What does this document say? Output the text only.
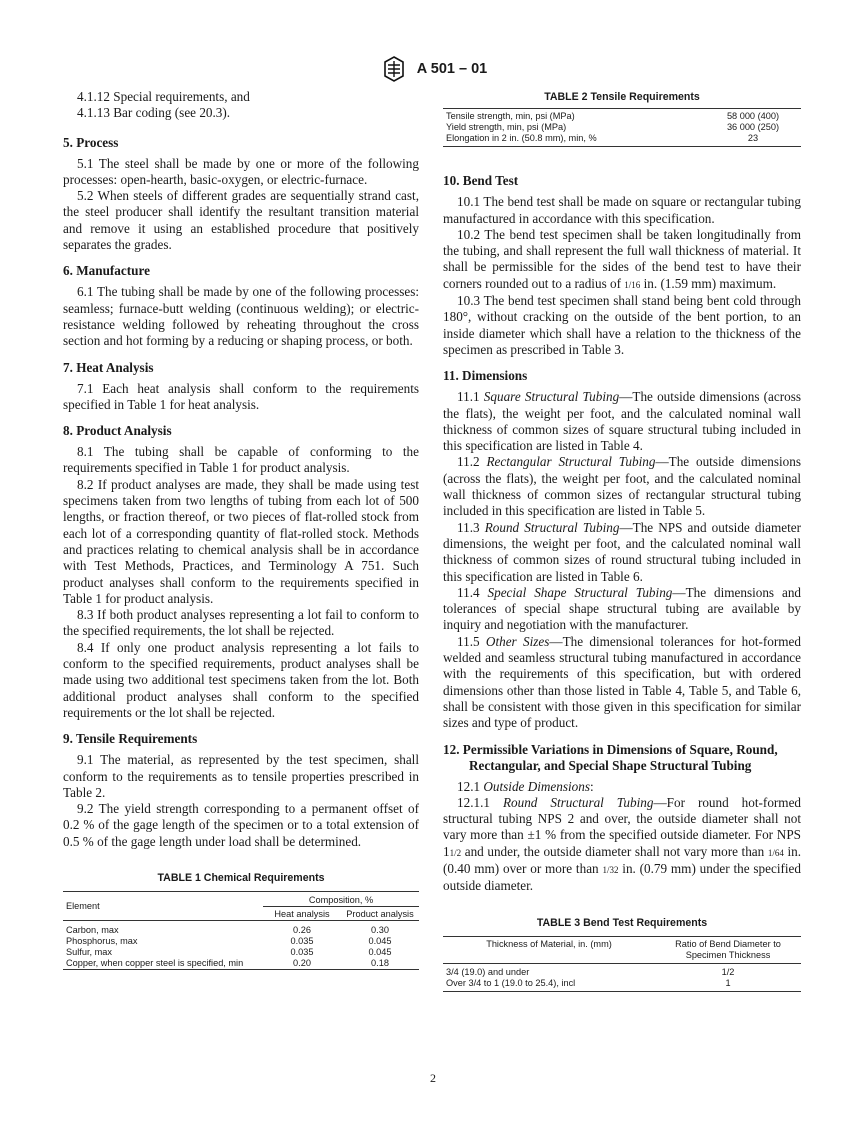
A 501 – 01

4.1.12 Special requirements, and

4.1.13 Bar coding (see 20.3).

5. Process

5.1 The steel shall be made by one or more of the following processes: open-hearth, basic-oxygen, or electric-furnace.

5.2 When steels of different grades are sequentially strand cast, the steel producer shall identify the resultant transition material and remove it using an established procedure that positively separates the grades.

6. Manufacture

6.1 The tubing shall be made by one of the following processes: seamless; furnace-butt welding (continuous welding); or electric-resistance welding followed by reheating throughout the cross section and hot forming by a reducing or shaping process, or both.

7. Heat Analysis

7.1 Each heat analysis shall conform to the requirements specified in Table 1 for heat analysis.

8. Product Analysis

8.1 The tubing shall be capable of conforming to the requirements specified in Table 1 for product analysis.

8.2 If product analyses are made, they shall be made using test specimens taken from two lengths of tubing from each lot of 500 lengths, or fraction thereof, or two pieces of flat-rolled stock from each lot of a corresponding quantity of flat-rolled stock. Methods and practices relating to chemical analysis shall be in accordance with Test Methods, Practices, and Terminology A 751. Such product analyses shall conform to the requirements specified in Table 1 for product analysis.

8.3 If both product analyses representing a lot fail to conform to the specified requirements, the lot shall be rejected.

8.4 If only one product analysis representing a lot fails to conform to the specified requirements, product analyses shall be made using two additional test specimens taken from the lot. Both additional product analyses shall conform to the specified requirements or the lot shall be rejected.

9. Tensile Requirements

9.1 The material, as represented by the test specimen, shall conform to the requirements as to tensile properties prescribed in Table 2.

9.2 The yield strength corresponding to a permanent offset of 0.2 % of the gage length of the specimen or to a total extension of 0.5 % of the gage length under load shall be determined.

TABLE 1 Chemical Requirements
Element	Composition, %	
	Heat analysis	Product analysis
Carbon, max	0.26	0.30
Phosphorus, max	0.035	0.045
Sulfur, max	0.035	0.045
Copper, when copper steel is specified, min	0.20	0.18
TABLE 2 Tensile Requirements
Tensile strength, min, psi (MPa)	58 000 (400)
Yield strength, min, psi (MPa)	36 000 (250)
Elongation in 2 in. (50.8 mm), min, %	23
10. Bend Test

10.1 The bend test shall be made on square or rectangular tubing manufactured in accordance with this specification.

10.2 The bend test specimen shall be taken longitudinally from the tubing, and shall represent the full wall thickness of material. It shall be permissible for the sides of the bend test to have their corners rounded out to a radius of 1/16 in. (1.59 mm) maximum.

10.3 The bend test specimen shall stand being bent cold through 180°, without cracking on the outside of the bent portion, to an inside diameter which shall have a relation to the thickness of the specimen as prescribed in Table 3.

11. Dimensions

11.1 Square Structural Tubing—The outside dimensions (across the flats), the weight per foot, and the calculated nominal wall thickness of common sizes of square structural tubing included in this specification are listed in Table 4.

11.2 Rectangular Structural Tubing—The outside dimensions (across the flats), the weight per foot, and the calculated nominal wall thickness of common sizes of rectangular structural tubing included in this specification are listed in Table 5.

11.3 Round Structural Tubing—The NPS and outside diameter dimensions, the weight per foot, and the calculated nominal wall thickness of common sizes of round structural tubing included in this specification are listed in Table 6.

11.4 Special Shape Structural Tubing—The dimensions and tolerances of special shape structural tubing are available by inquiry and negotiation with the manufacturer.

11.5 Other Sizes—The dimensional tolerances for hot-formed welded and seamless structural tubing manufactured in accordance with the requirements of this specification, but with ordered dimensions other than those listed in Table 4, Table 5, and Table 6, shall be consistent with those given in this specification for similar sizes and type of product.

12. Permissible Variations in Dimensions of Square, Round, Rectangular, and Special Shape Structural Tubing

12.1 Outside Dimensions:

12.1.1 Round Structural Tubing—For round hot-formed structural tubing NPS 2 and over, the outside diameter shall not vary more than ±1 % from the specified outside diameter. For NPS 11/2 and under, the outside diameter shall not vary more than 1/64 in. (0.40 mm) over or more than 1/32 in. (0.79 mm) under the specified outside diameter.

TABLE 3 Bend Test Requirements
Thickness of Material, in. (mm)	Ratio of Bend Diameter to Specimen Thickness
3/4 (19.0) and under	1/2
Over 3/4 to 1 (19.0 to 25.4), incl	1
2
